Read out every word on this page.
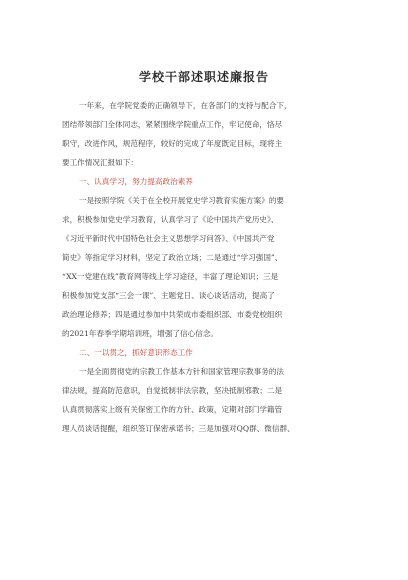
学校干部述职述廉报告
一年来，在学院党委的正确领导下，在各部门的支持与配合下，
团结带领部门全体同志，紧紧围绕学院重点工作，牢记使命，恪尽
职守，改进作风，规范程序，较好的完成了年度既定目标，现将主
要工作情况汇报如下：
一、认真学习，努力提高政治素养
一是按照学院《关于在全校开展党史学习教育实施方案》的要
求，积极参加党史学习教育，认真学习了《论中国共产党历史》、
《习近平新时代中国特色社会主义思想学习问答》、《中国共产党
简史》等指定学习材料，坚定了政治立场；二是通过“学习强国”、
“XX一党建在线”教育网等线上学习途径，丰富了理论知识；三是
积极参加党支部“三会一课”、主题党日、谈心谈话活动，提高了
政治理论修养；四是通过参加中共荣成市委组织部、市委党校组织
的2021年春季学期培训班，增强了信心信念。
二、一以贯之，抓好意识形态工作
一是全面贯彻党的宗教工作基本方针和国家管理宗教事务的法
律法规，提高防范意识，自觉抵制非法宗教，坚决抵制邪教；二是
认真贯彻落实上级有关保密工作的方针、政策，定期对部门学籍管
理人员谈话提醒，组织签订保密承诺书；三是加强对QQ群、微信群、
